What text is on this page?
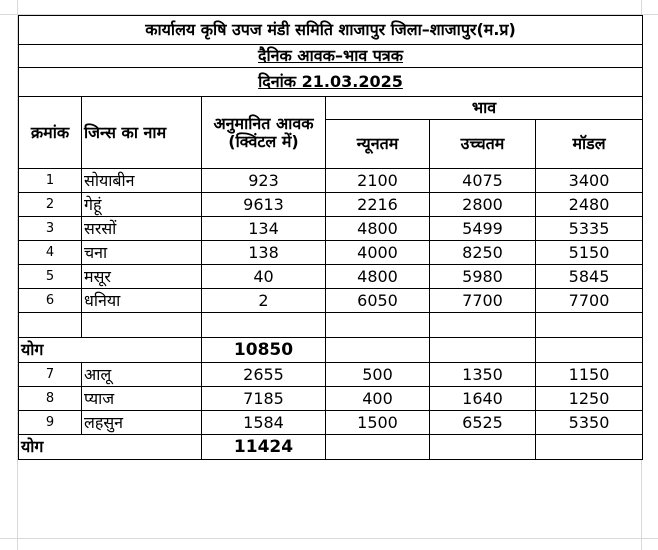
कार्यालय कृषि उपज मंडी समिति शाजापुर जिला–शाजापुर(म.प्र)					
दैनिक आवक–भाव पत्रक					
दिनांक 21.03.2025					
क्रमांक	जिन्स का नाम	अनुमानित आवक (क्विंटल में)	भाव		
			न्यूनतम	उच्चतम	मॉडल
1	सोयाबीन	923	2100	4075	3400
2	गेहूं	9613	2216	2800	2480
3	सरसों	134	4800	5499	5335
4	चना	138	4000	8250	5150
5	मसूर	40	4800	5980	5845
6	धनिया	2	6050	7700	7700

योग		10850			
7	आलू	2655	500	1350	1150
8	प्याज	7185	400	1640	1250
9	लहसुन	1584	1500	6525	5350
योग		11424			
